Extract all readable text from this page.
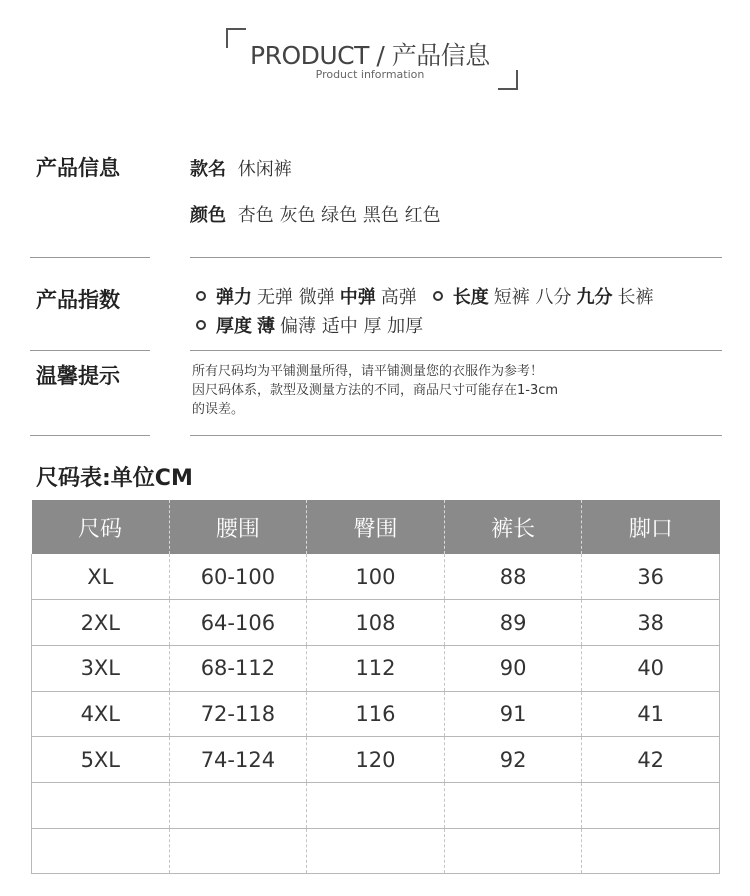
PRODUCT / 产品信息
Product information
产品信息	款名 休闲裤
颜色 杏色 灰色 绿色 黑色 红色
产品指数	弹力 无弹 微弹 中弹 高弹 长度 短裤 八分 九分 长裤
厚度 薄 偏薄 适中 厚 加厚
温馨提示	所有尺码均为平铺测量所得，请平铺测量您的衣服作为参考！
因尺码体系，款型及测量方法的不同，商品尺寸可能存在1-3cm
的误差。
尺码表:单位CM
尺码	腰围	臀围	裤长	脚口
XL	60-100	100	88	36
2XL	64-106	108	89	38
3XL	68-112	112	90	40
4XL	72-118	116	91	41
5XL	74-124	120	92	42
